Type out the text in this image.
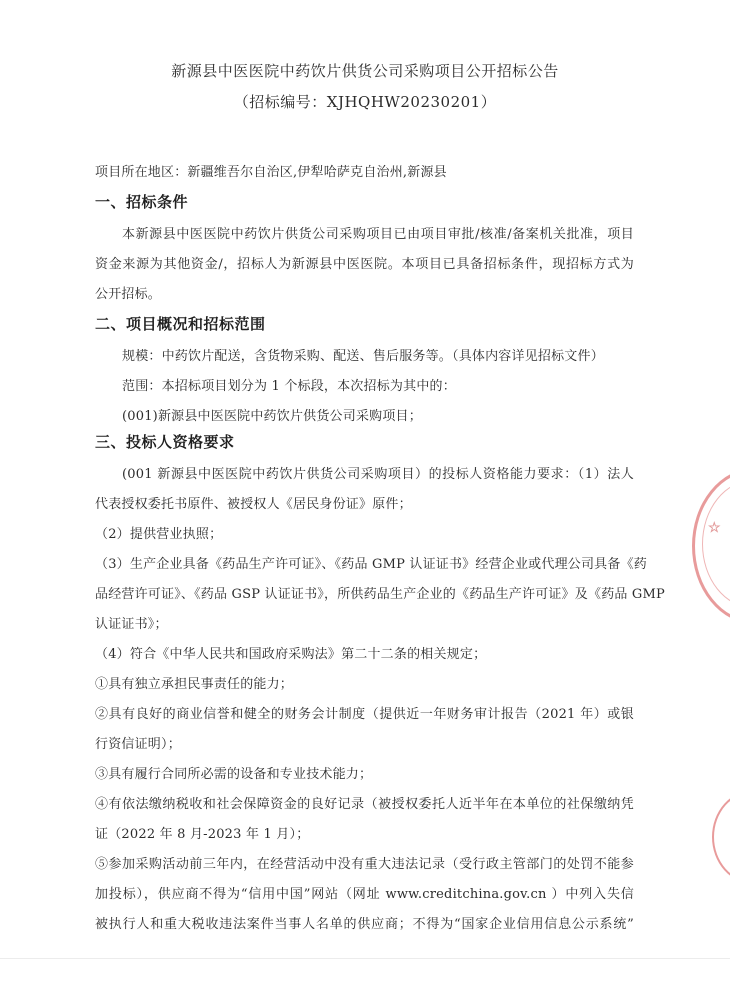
新源县中医医院中药饮片供货公司采购项目公开招标公告
（招标编号：XJHQHW20230201）
项目所在地区：新疆维吾尔自治区,伊犁哈萨克自治州,新源县
一、招标条件
本新源县中医医院中药饮片供货公司采购项目已由项目审批/核准/备案机关批准，项目
资金来源为其他资金/，招标人为新源县中医医院。本项目已具备招标条件，现招标方式为
公开招标。
二、项目概况和招标范围
规模：中药饮片配送，含货物采购、配送、售后服务等。（具体内容详见招标文件）
范围：本招标项目划分为 1 个标段，本次招标为其中的：
(001)新源县中医医院中药饮片供货公司采购项目；
三、投标人资格要求
(001 新源县中医医院中药饮片供货公司采购项目）的投标人资格能力要求：（1）法人
代表授权委托书原件、被授权人《居民身份证》原件；
（2）提供营业执照；
（3）生产企业具备《药品生产许可证》、《药品 GMP 认证证书》经营企业或代理公司具备《药
品经营许可证》、《药品 GSP 认证证书》，所供药品生产企业的《药品生产许可证》及《药品 GMP
认证证书》；
（4）符合《中华人民共和国政府采购法》第二十二条的相关规定；
①具有独立承担民事责任的能力；
②具有良好的商业信誉和健全的财务会计制度（提供近一年财务审计报告（2021 年）或银
行资信证明）；
③具有履行合同所必需的设备和专业技术能力；
④有依法缴纳税收和社会保障资金的良好记录（被授权委托人近半年在本单位的社保缴纳凭
证（2022 年 8 月-2023 年 1 月）；
⑤参加采购活动前三年内，在经营活动中没有重大违法记录（受行政主管部门的处罚不能参
加投标），供应商不得为“信用中国”网站（网址 www.creditchina.gov.cn ）中列入失信
被执行人和重大税收违法案件当事人名单的供应商；不得为“国家企业信用信息公示系统”
☆
